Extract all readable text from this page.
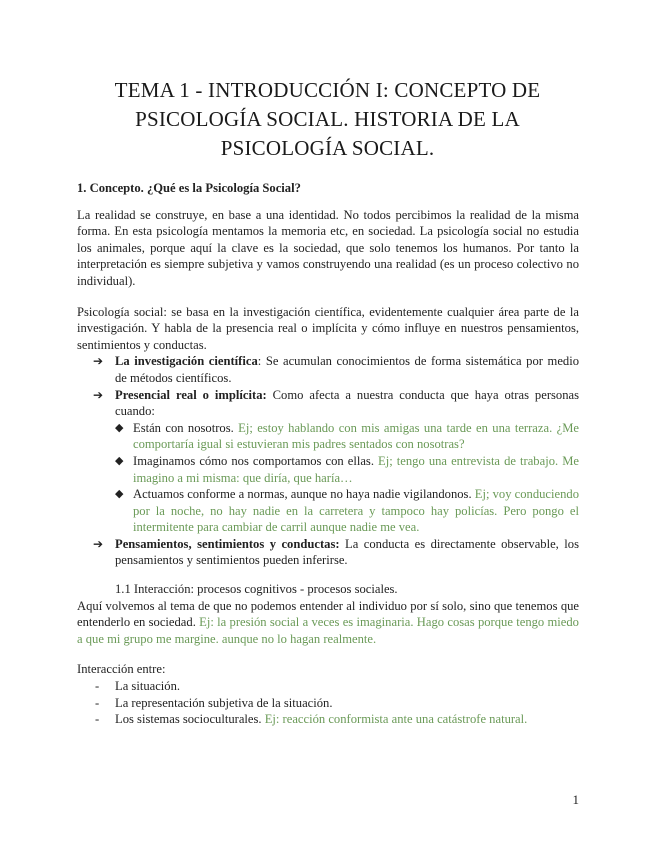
TEMA 1 - INTRODUCCIÓN I: CONCEPTO DE
PSICOLOGÍA SOCIAL. HISTORIA DE LA
PSICOLOGÍA SOCIAL.

1. Concepto. ¿Qué es la Psicología Social?

La realidad se construye, en base a una identidad. No todos percibimos la realidad de la misma forma. En esta psicología mentamos la memoria etc, en sociedad. La psicología social no estudia los animales, porque aquí la clave es la sociedad, que solo tenemos los humanos. Por tanto la interpretación es siempre subjetiva y vamos construyendo una realidad (es un proceso colectivo no individual).

Psicología social: se basa en la investigación científica, evidentemente cualquier área parte de la investigación. Y habla de la presencia real o implícita y cómo influye en nuestros pensamientos, sentimientos y conductas.

➔ La investigación científica: Se acumulan conocimientos de forma sistemática por medio de métodos científicos.
➔ Presencial real o implícita: Como afecta a nuestra conducta que haya otras personas cuando:
◆ Están con nosotros. Ej; estoy hablando con mis amigas una tarde en una terraza. ¿Me comportaría igual si estuvieran mis padres sentados con nosotras?
◆ Imaginamos cómo nos comportamos con ellas. Ej; tengo una entrevista de trabajo. Me imagino a mi misma: que diría, que haría…
◆ Actuamos conforme a normas, aunque no haya nadie vigilandonos. Ej; voy conduciendo por la noche, no hay nadie en la carretera y tampoco hay policías. Pero pongo el intermitente para cambiar de carril aunque nadie me vea.
➔ Pensamientos, sentimientos y conductas: La conducta es directamente observable, los pensamientos y sentimientos pueden inferirse.

1.1 Interacción: procesos cognitivos - procesos sociales.

Aquí volvemos al tema de que no podemos entender al individuo por sí solo, sino que tenemos que entenderlo en sociedad. Ej: la presión social a veces es imaginaria. Hago cosas porque tengo miedo a que mi grupo me margine. aunque no lo hagan realmente.

Interacción entre:

- La situación.
- La representación subjetiva de la situación.
- Los sistemas socioculturales. Ej: reacción conformista ante una catástrofe natural.
1
